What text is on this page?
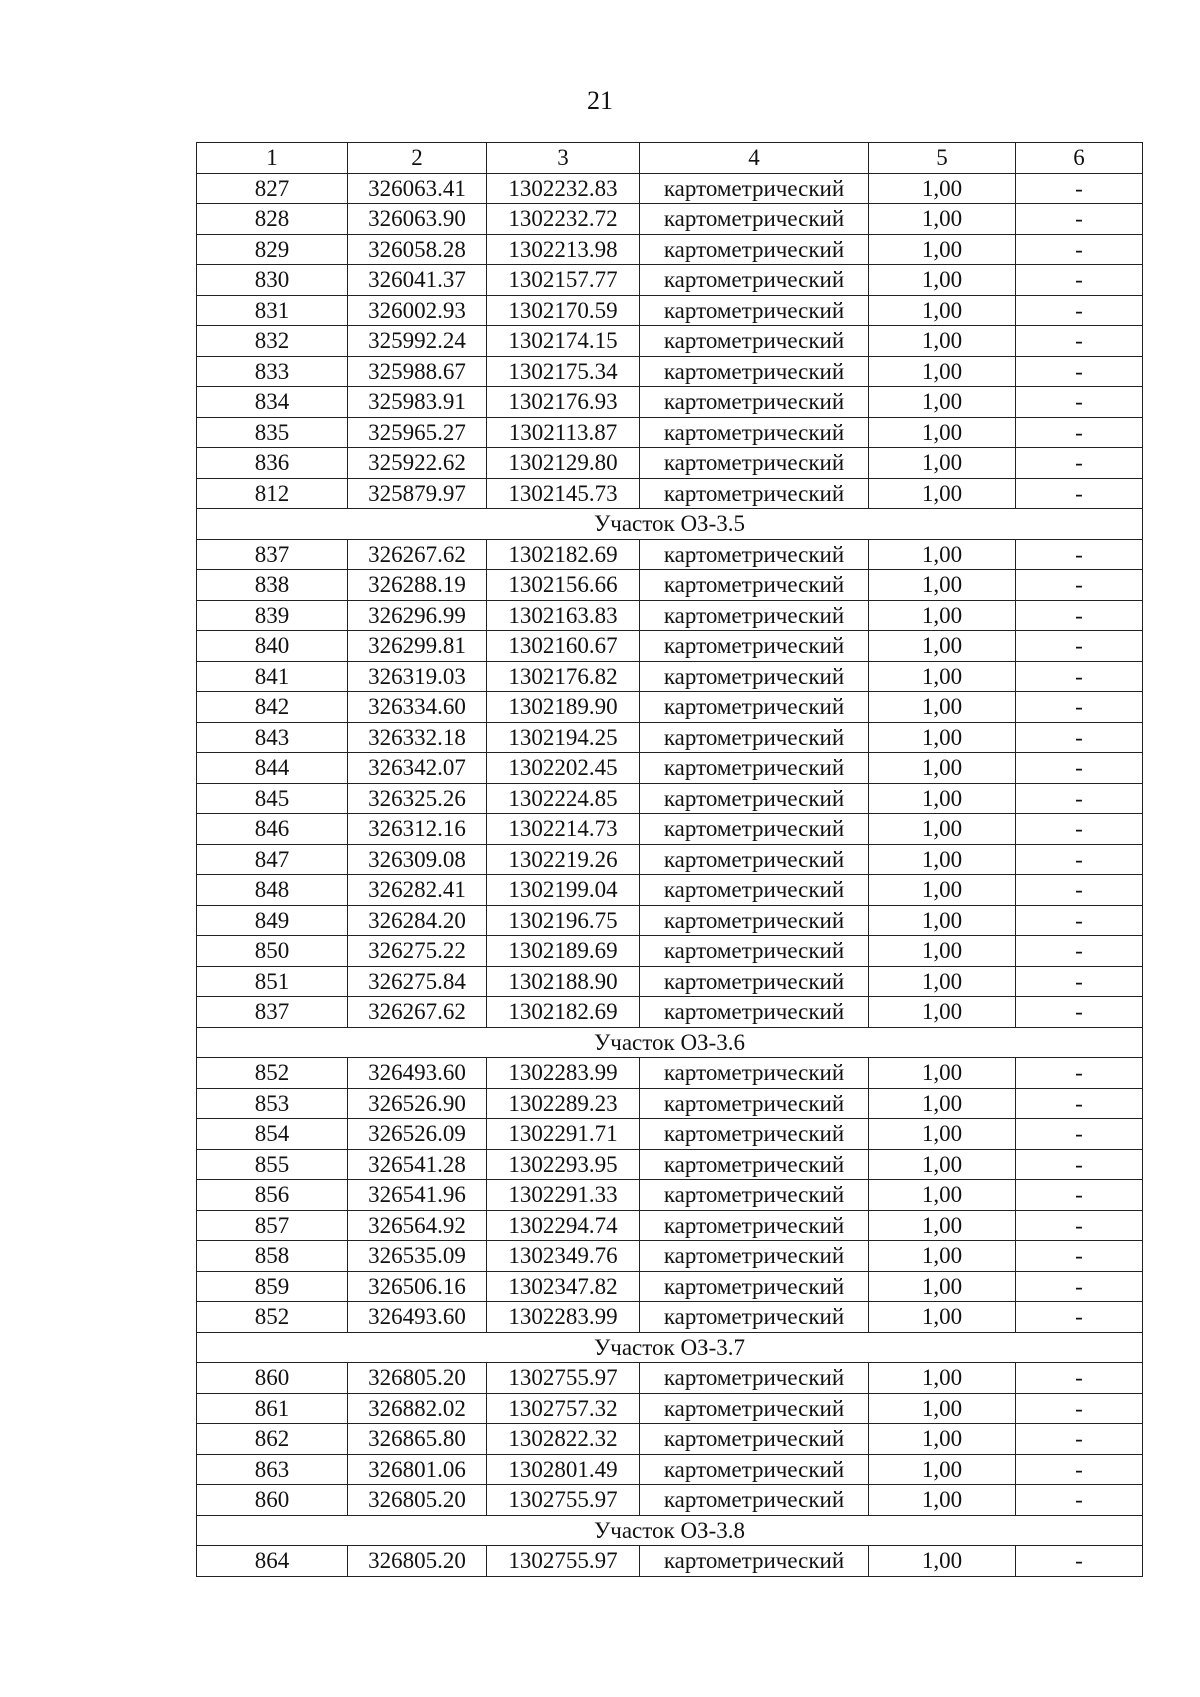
21
1	2	3	4	5	6
827	326063.41	1302232.83	картометрический	1,00	-
828	326063.90	1302232.72	картометрический	1,00	-
829	326058.28	1302213.98	картометрический	1,00	-
830	326041.37	1302157.77	картометрический	1,00	-
831	326002.93	1302170.59	картометрический	1,00	-
832	325992.24	1302174.15	картометрический	1,00	-
833	325988.67	1302175.34	картометрический	1,00	-
834	325983.91	1302176.93	картометрический	1,00	-
835	325965.27	1302113.87	картометрический	1,00	-
836	325922.62	1302129.80	картометрический	1,00	-
812	325879.97	1302145.73	картометрический	1,00	-
Участок ОЗ-3.5					
837	326267.62	1302182.69	картометрический	1,00	-
838	326288.19	1302156.66	картометрический	1,00	-
839	326296.99	1302163.83	картометрический	1,00	-
840	326299.81	1302160.67	картометрический	1,00	-
841	326319.03	1302176.82	картометрический	1,00	-
842	326334.60	1302189.90	картометрический	1,00	-
843	326332.18	1302194.25	картометрический	1,00	-
844	326342.07	1302202.45	картометрический	1,00	-
845	326325.26	1302224.85	картометрический	1,00	-
846	326312.16	1302214.73	картометрический	1,00	-
847	326309.08	1302219.26	картометрический	1,00	-
848	326282.41	1302199.04	картометрический	1,00	-
849	326284.20	1302196.75	картометрический	1,00	-
850	326275.22	1302189.69	картометрический	1,00	-
851	326275.84	1302188.90	картометрический	1,00	-
837	326267.62	1302182.69	картометрический	1,00	-
Участок ОЗ-3.6					
852	326493.60	1302283.99	картометрический	1,00	-
853	326526.90	1302289.23	картометрический	1,00	-
854	326526.09	1302291.71	картометрический	1,00	-
855	326541.28	1302293.95	картометрический	1,00	-
856	326541.96	1302291.33	картометрический	1,00	-
857	326564.92	1302294.74	картометрический	1,00	-
858	326535.09	1302349.76	картометрический	1,00	-
859	326506.16	1302347.82	картометрический	1,00	-
852	326493.60	1302283.99	картометрический	1,00	-
Участок ОЗ-3.7					
860	326805.20	1302755.97	картометрический	1,00	-
861	326882.02	1302757.32	картометрический	1,00	-
862	326865.80	1302822.32	картометрический	1,00	-
863	326801.06	1302801.49	картометрический	1,00	-
860	326805.20	1302755.97	картометрический	1,00	-
Участок ОЗ-3.8					
864	326805.20	1302755.97	картометрический	1,00	-
